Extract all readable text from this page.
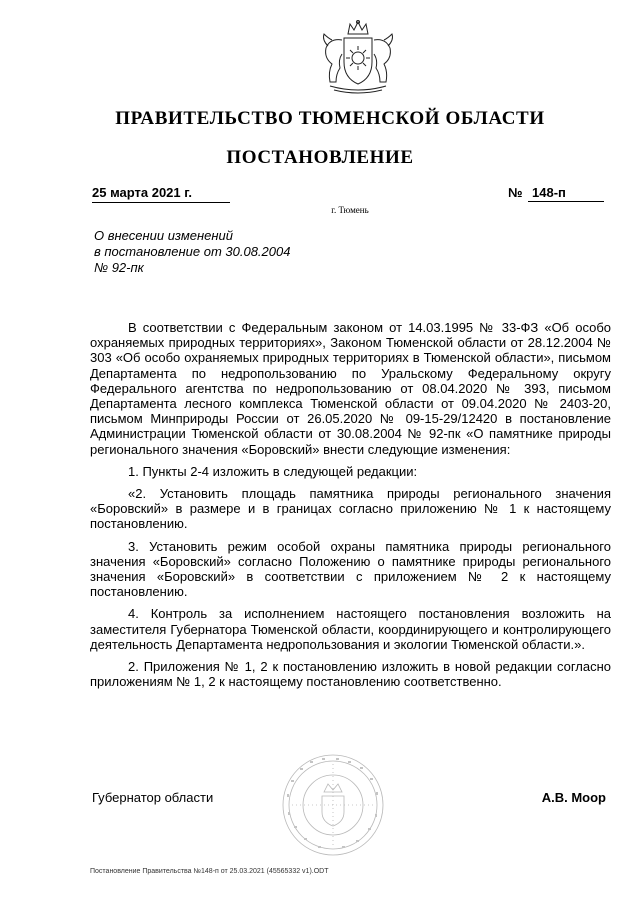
ПРАВИТЕЛЬСТВО ТЮМЕНСКОЙ ОБЛАСТИ
ПОСТАНОВЛЕНИЕ
25 марта 2021 г.
г. Тюмень
№ 148-п
О внесении изменений
в постановление от 30.08.2004
№ 92-пк

В соответствии с Федеральным законом от 14.03.1995 № 33-ФЗ «Об особо охраняемых природных территориях», Законом Тюменской области от 28.12.2004 № 303 «Об особо охраняемых природных территориях в Тюменской области», письмом Департамента по недропользованию по Уральскому Федеральному округу Федерального агентства по недропользованию от 08.04.2020 № 393, письмом Департамента лесного комплекса Тюменской области от 09.04.2020 № 2403-20, письмом Минприроды России от 26.05.2020 № 09-15-29/12420 в постановление Администрации Тюменской области от 30.08.2004 № 92-пк «О памятнике природы регионального значения «Боровский» внести следующие изменения:

1. Пункты 2-4 изложить в следующей редакции:

«2. Установить площадь памятника природы регионального значения «Боровский» в размере и в границах согласно приложению № 1 к настоящему постановлению.

3. Установить режим особой охраны памятника природы регионального значения «Боровский» согласно Положению о памятнике природы регионального значения «Боровский» в соответствии с приложением № 2 к настоящему постановлению.

4. Контроль за исполнением настоящего постановления возложить на заместителя Губернатора Тюменской области, координирующего и контролирующего деятельность Департамента недропользования и экологии Тюменской области.».

2. Приложения № 1, 2 к постановлению изложить в новой редакции согласно приложениям № 1, 2 к настоящему постановлению соответственно.

Губернатор области	А.В. Моор
Постановление Правительства №148-п от 25.03.2021 (45565332 v1).ODT
